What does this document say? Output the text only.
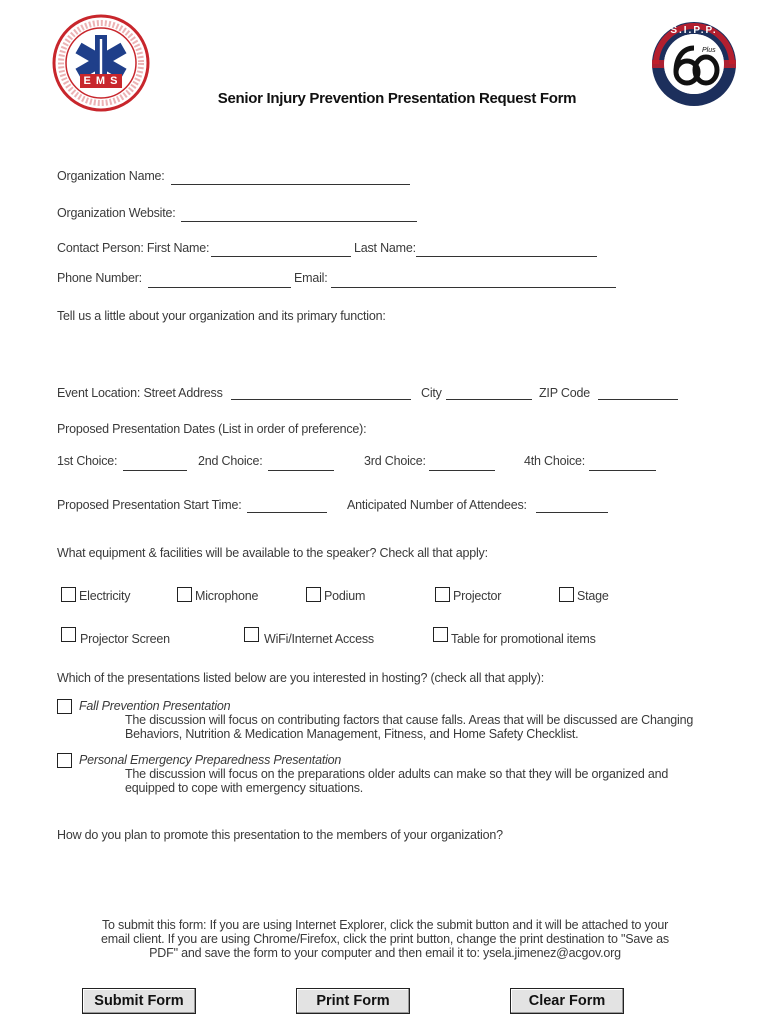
E M S
S.I.P.P.
Plus
Senior Injury Prevention Presentation Request Form
Organization Name:
Organization Website:
Contact Person: First Name:	Last Name:
Phone Number:	Email:
Tell us a little about your organization and its primary function:
Event Location: Street Address	City	ZIP Code
Proposed Presentation Dates (List in order of preference):
1st Choice:	2nd Choice:	3rd Choice:	4th Choice:
Proposed Presentation Start Time:	Anticipated Number of Attendees:
What equipment & facilities will be available to the speaker? Check all that apply:
Electricity	Microphone	Podium	Projector	Stage
Projector Screen	WiFi/Internet Access	Table for promotional items
Which of the presentations listed below are you interested in hosting? (check all that apply):
Fall Prevention Presentation
The discussion will focus on contributing factors that cause falls. Areas that will be discussed are Changing
Behaviors, Nutrition & Medication Management, Fitness, and Home Safety Checklist.
Personal Emergency Preparedness Presentation
The discussion will focus on the preparations older adults can make so that they will be organized and
equipped to cope with emergency situations.
How do you plan to promote this presentation to the members of your organization?
To submit this form: If you are using Internet Explorer, click the submit button and it will be attached to your
email client. If you are using Chrome/Firefox, click the print button, change the print destination to "Save as
PDF" and save the form to your computer and then email it to: ysela.jimenez@acgov.org
Submit Form	Print Form	Clear Form
